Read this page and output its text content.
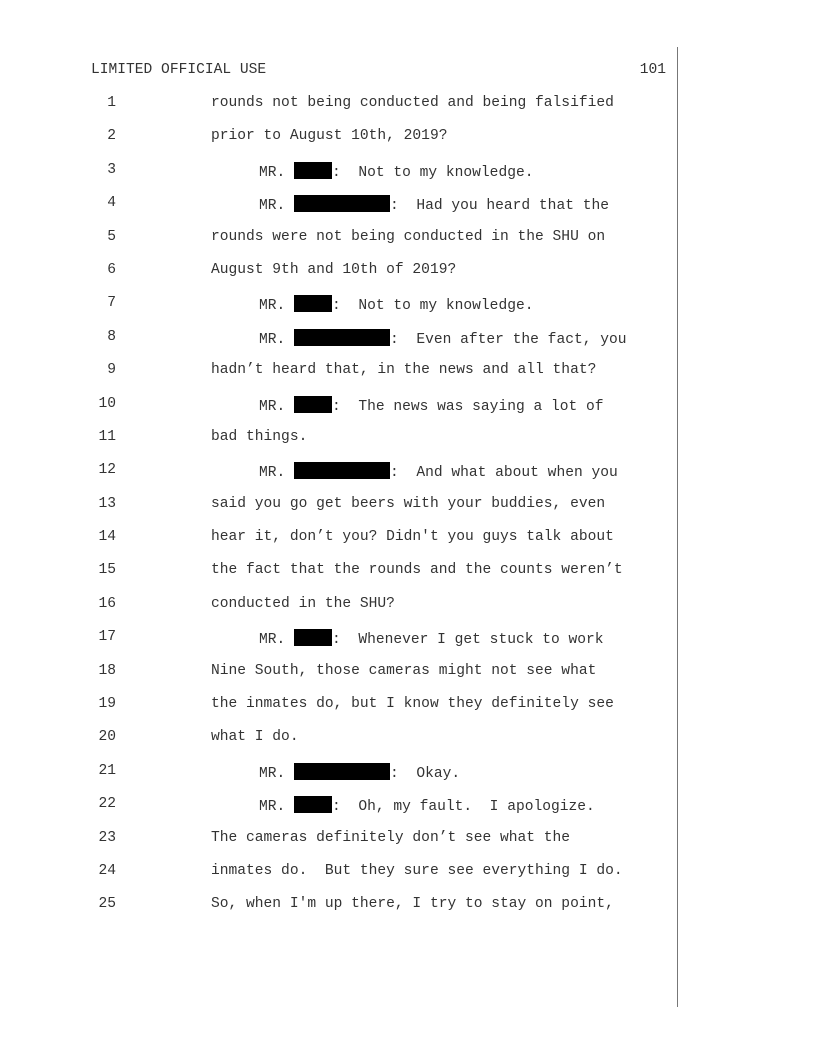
LIMITED OFFICIAL USE	101

1

	rounds not being conducted and being falsified

2

	prior to August 10th, 2019?

3

	MR.	:  Not to my knowledge.

4

	MR.	:  Had you heard that the

5

	rounds were not being conducted in the SHU on

6

	August 9th and 10th of 2019?

7

	MR.	:  Not to my knowledge.

8

	MR.	:  Even after the fact, you

9

	hadn’t heard that, in the news and all that?

10

	MR.	:  The news was saying a lot of

11

	bad things.

12

	MR.	:  And what about when you

13

	said you go get beers with your buddies, even

14

	hear it, don’t you? Didn't you guys talk about

15

	the fact that the rounds and the counts weren’t

16

	conducted in the SHU?

17

	MR.	:  Whenever I get stuck to work

18

	Nine South, those cameras might not see what

19

	the inmates do, but I know they definitely see

20

	what I do.

21

	MR.	:  Okay.

22

	MR.	:  Oh, my fault.  I apologize.

23

	The cameras definitely don’t see what the

24

	inmates do.  But they sure see everything I do.

25

	So, when I'm up there, I try to stay on point,
